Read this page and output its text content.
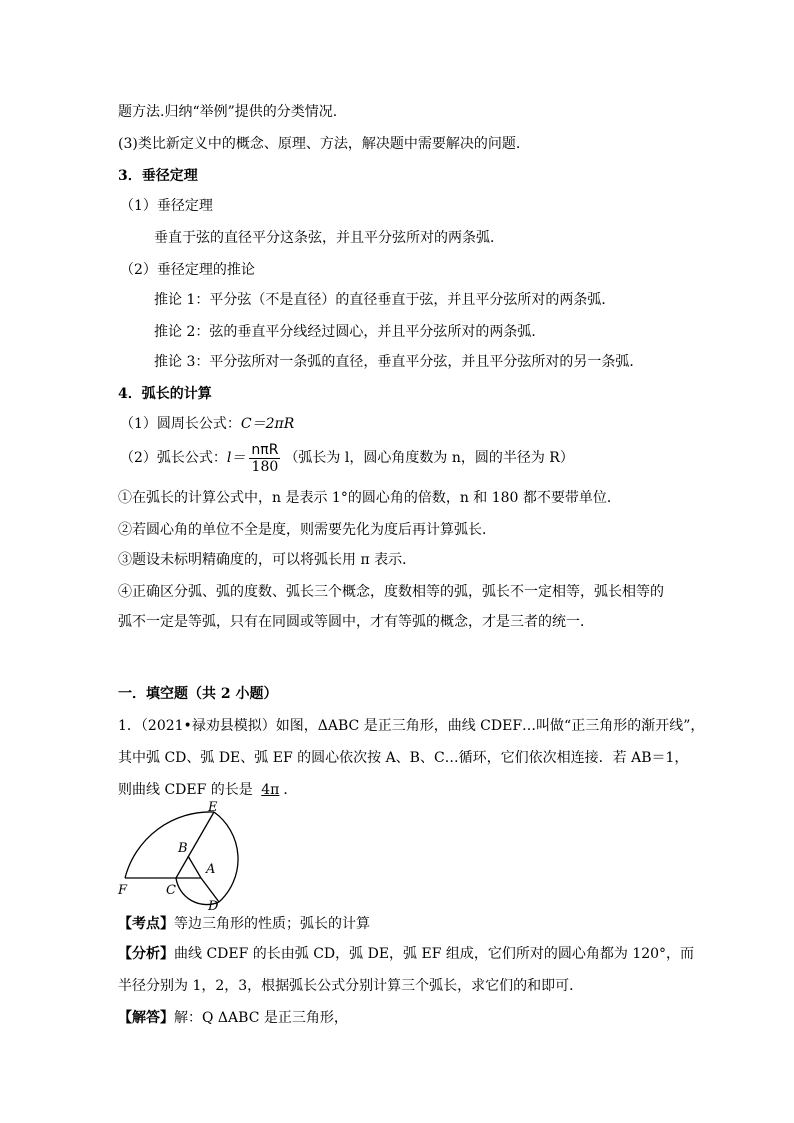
题方法.归纳“举例”提供的分类情况.
(3)类比新定义中的概念、原理、方法，解决题中需要解决的问题.
3．垂径定理
（1）垂径定理
垂直于弦的直径平分这条弦，并且平分弦所对的两条弧．
（2）垂径定理的推论
推论 1：平分弦（不是直径）的直径垂直于弦，并且平分弦所对的两条弧．
推论 2：弦的垂直平分线经过圆心，并且平分弦所对的两条弧．
推论 3：平分弦所对一条弧的直径，垂直平分弦，并且平分弦所对的另一条弧．
4．弧长的计算
（1）圆周长公式：C＝2πR
（2）弧长公式：$l= \frac{\text{nπR}}{180}$ （弧长为 l，圆心角度数为 n，圆的半径为 R）
①在弧长的计算公式中，n 是表示 1°的圆心角的倍数，n 和 180 都不要带单位．
②若圆心角的单位不全是度，则需要先化为度后再计算弧长．
③题设未标明精确度的，可以将弧长用 π 表示．
④正确区分弧、弧的度数、弧长三个概念，度数相等的弧，弧长不一定相等，弧长相等的
弧不一定是等弧，只有在同圆或等圆中，才有等弧的概念，才是三者的统一．
一．填空题（共 2 小题）
1．（2021•禄劝县模拟）如图，ΔABC 是正三角形，曲线 CDEF…叫做“正三角形的渐开线”，
其中弧 CD、弧 DE、弧 EF 的圆心依次按 A、B、C…循环，它们依次相连接．若 AB＝1，
则曲线 CDEF 的长是 4π ．
E
B
A
C
F
D
【考点】等边三角形的性质；弧长的计算
【分析】曲线 CDEF 的长由弧 CD，弧 DE，弧 EF 组成，它们所对的圆心角都为 120°，而
半径分别为 1，2，3，根据弧长公式分别计算三个弧长，求它们的和即可．
【解答】解：Q ΔABC 是正三角形，
